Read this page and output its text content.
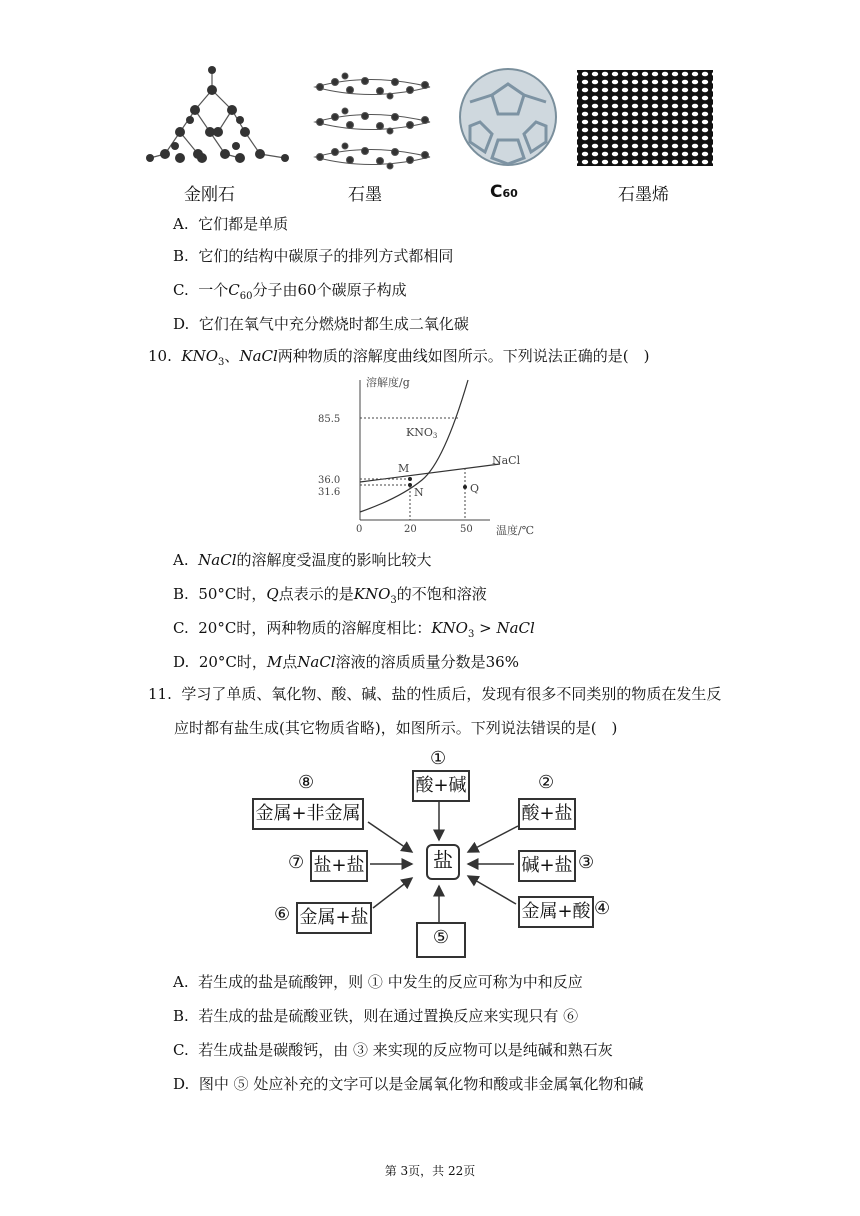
金刚石	石墨	C60	石墨烯
A. 它们都是单质
B. 它们的结构中碳原子的排列方式都相同
C. 一个$C_{60}$分子由60个碳原子构成
D. 它们在氧气中充分燃烧时都生成二氧化碳
10. $KNO_3$、NaCl两种物质的溶解度曲线如图所示。下列说法正确的是(　)
溶解度/g
85.5
36.0
31.6
0	20	50 温度/℃
KNO3
NaCl
M
N	Q
A. NaCl的溶解度受温度的影响比较大
B. 50°C时，Q点表示的是$KNO_3$的不饱和溶液
C. 20°C时，两种物质的溶解度相比：$KNO_3$ > NaCl
D. 20°C时，M点NaCl溶液的溶质质量分数是36%
11. 学习了单质、氧化物、酸、碱、盐的性质后，发现有很多不同类别的物质在发生反
应时都有盐生成(其它物质省略)，如图所示。下列说法错误的是(　)
酸+碱
①
酸+盐
②
碱+盐 ③
金属+酸 ④
⑤
金属+盐
⑥
盐+盐
⑦
金属+非金属
⑧
盐
A. 若生成的盐是硫酸钾，则 ① 中发生的反应可称为中和反应
B. 若生成的盐是硫酸亚铁，则在通过置换反应来实现只有 ⑥
C. 若生成盐是碳酸钙，由 ③ 来实现的反应物可以是纯碱和熟石灰
D. 图中 ⑤ 处应补充的文字可以是金属氧化物和酸或非金属氧化物和碱
第 3页，共 22页
